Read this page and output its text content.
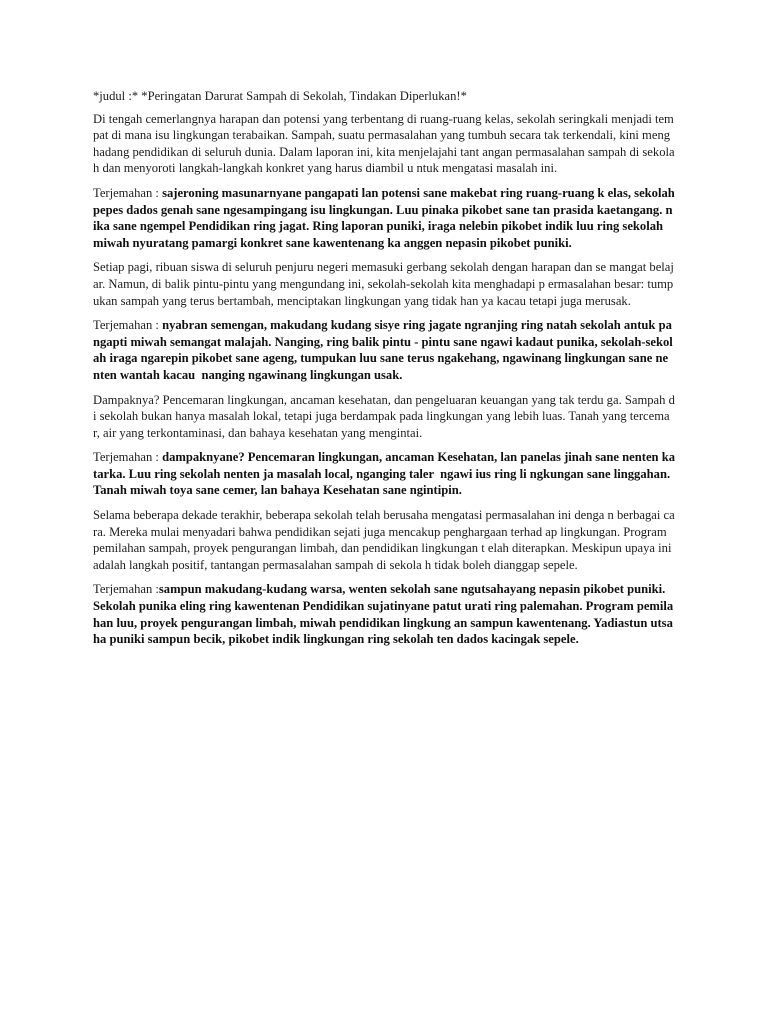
*judul :* *Peringatan Darurat Sampah di Sekolah, Tindakan Diperlukan!*

Di tengah cemerlangnya harapan dan potensi yang terbentang di ruang-ruang kelas, sekolah seringkali menjadi tempat di mana isu lingkungan terabaikan. Sampah, suatu permasalahan yang tumbuh secara tak terkendali, kini menghadang pendidikan di seluruh dunia. Dalam laporan ini, kita menjelajahi tant angan permasalahan sampah di sekolah dan menyoroti langkah-langkah konkret yang harus diambil u ntuk mengatasi masalah ini.

Terjemahan : sajeroning masunarnyane pangapati lan potensi sane makebat ring ruang-ruang k elas, sekolah pepes dados genah sane ngesampingang isu lingkungan. Luu pinaka pikobet sane tan prasida kaetangang. nika sane ngempel Pendidikan ring jagat. Ring laporan puniki, iraga nelebin pikobet indik luu ring sekolah miwah nyuratang pamargi konkret sane kawentenang ka anggen nepasin pikobet puniki.

Setiap pagi, ribuan siswa di seluruh penjuru negeri memasuki gerbang sekolah dengan harapan dan se mangat belajar. Namun, di balik pintu-pintu yang mengundang ini, sekolah-sekolah kita menghadapi p ermasalahan besar: tumpukan sampah yang terus bertambah, menciptakan lingkungan yang tidak han ya kacau tetapi juga merusak.

Terjemahan : nyabran semengan, makudang kudang sisye ring jagate ngranjing ring natah sekolah antuk pangapti miwah semangat malajah. Nanging, ring balik pintu - pintu sane ngawi kadaut punika, sekolah-sekolah iraga ngarepin pikobet sane ageng, tumpukan luu sane terus ngakehang, ngawinang lingkungan sane nenten wantah kacau  nanging ngawinang lingkungan usak.

Dampaknya? Pencemaran lingkungan, ancaman kesehatan, dan pengeluaran keuangan yang tak terdu ga. Sampah di sekolah bukan hanya masalah lokal, tetapi juga berdampak pada lingkungan yang lebih luas. Tanah yang tercemar, air yang terkontaminasi, dan bahaya kesehatan yang mengintai.

Terjemahan : dampaknyane? Pencemaran lingkungan, ancaman Kesehatan, lan panelas jinah sane nenten katarka. Luu ring sekolah nenten ja masalah local, nganging taler  ngawi ius ring li ngkungan sane linggahan. Tanah miwah toya sane cemer, lan bahaya Kesehatan sane ngintipin.

Selama beberapa dekade terakhir, beberapa sekolah telah berusaha mengatasi permasalahan ini denga n berbagai cara. Mereka mulai menyadari bahwa pendidikan sejati juga mencakup penghargaan terhad ap lingkungan. Program pemilahan sampah, proyek pengurangan limbah, dan pendidikan lingkungan t elah diterapkan. Meskipun upaya ini adalah langkah positif, tantangan permasalahan sampah di sekola h tidak boleh dianggap sepele.

Terjemahan :sampun makudang-kudang warsa, wenten sekolah sane ngutsahayang nepasin pikobet puniki. Sekolah punika eling ring kawentenan Pendidikan sujatinyane patut urati ring palemahan. Program pemilahan luu, proyek pengurangan limbah, miwah pendidikan lingkung an sampun kawentenang. Yadiastun utsaha puniki sampun becik, pikobet indik lingkungan ring sekolah ten dados kacingak sepele.
